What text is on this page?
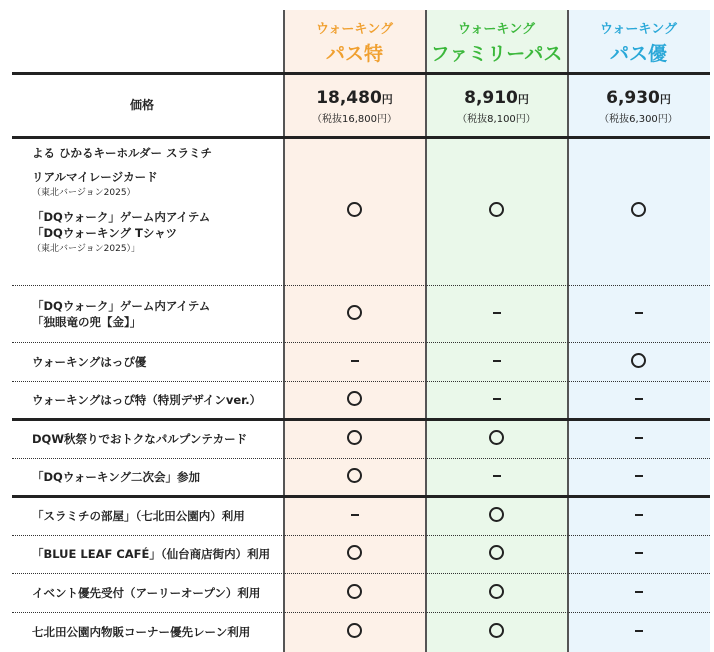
ウォーキング
パス特
ウォーキング
ファミリーパス
ウォーキング
パス優
価格	18,480円
（税抜16,800円）
8,910円
（税抜8,100円）
6,930円
（税抜6,300円）
よる ひかるキーホルダー スラミチ
リアルマイレージカード
（東北バージョン2025）
「DQウォーク」ゲーム内アイテム
「DQウォーキング Tシャツ
（東北バージョン2025）」
「DQウォーク」ゲーム内アイテム
「独眼竜の兜【金】」
ウォーキングはっぴ優
ウォーキングはっぴ特（特別デザインver.）
DQW秋祭りでおトクなパルプンテカード
「DQウォーキング二次会」参加
「スラミチの部屋」（七北田公園内）利用
「BLUE LEAF CAFÉ」（仙台商店街内）利用
イベント優先受付（アーリーオープン）利用
七北田公園内物販コーナー優先レーン利用
